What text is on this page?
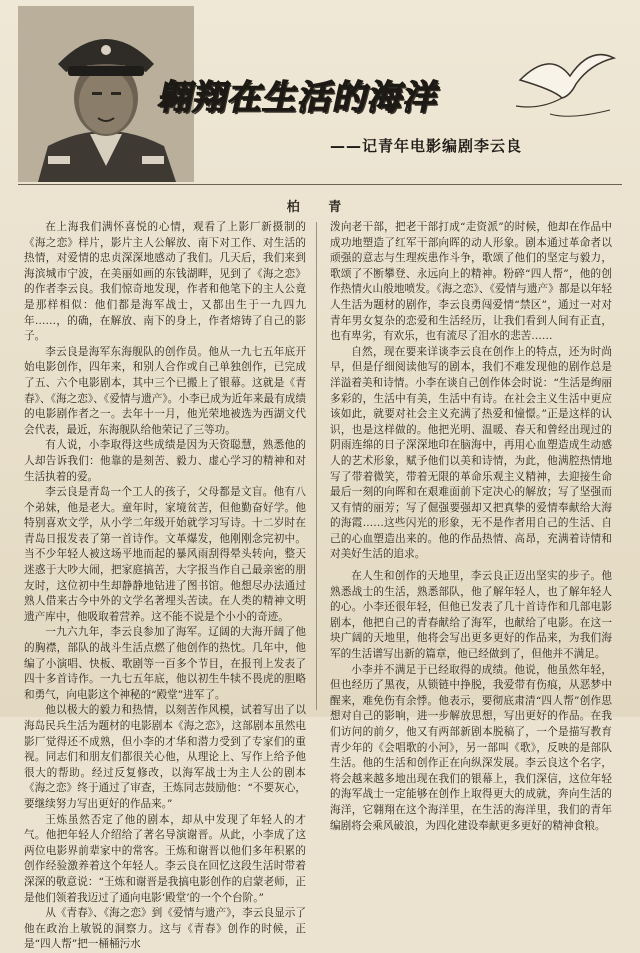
翱翔在生活的海洋
——记青年电影编剧李云良
柏 青

在上海我们满怀喜悦的心情，观看了上影厂新摄制的《海之恋》样片，影片主人公解放、南下对工作、对生活的热情，对爱情的忠贞深深地感动了我们。几天后，我们来到海滨城市宁波，在美丽如画的东钱湖畔，见到了《海之恋》的作者李云良。我们惊奇地发现，作者和他笔下的主人公竟是那样相似：他们都是海军战士，又都出生于一九四九年……，的确，在解放、南下的身上，作者熔铸了自己的影子。

李云良是海军东海舰队的创作员。他从一九七五年底开始电影创作，四年来，和别人合作或自己单独创作，已完成了五、六个电影剧本，其中三个已搬上了银幕。这就是《青春》、《海之恋》、《爱情与遗产》。小李已成为近年来最有成绩的电影剧作者之一。去年十一月，他光荣地被选为西湖文代会代表，最近，东海舰队给他荣记了三等功。

有人说，小李取得这些成绩是因为天资聪慧，熟悉他的人却告诉我们：他靠的是刻苦、毅力、虚心学习的精神和对生活执着的爱。

李云良是青岛一个工人的孩子，父母都是文盲。他有八个弟妹，他是老大。童年时，家境贫苦，但他勤奋好学。他特别喜欢文学，从小学二年级开始就学习写诗。十二岁时在青岛日报发表了第一首诗作。文革爆发，他刚刚念完初中。当不少年轻人被这场平地而起的暴风雨刮得晕头转向，整天迷惑于大吵大闹，把家庭搞苦，大字报当作自己最亲密的朋友时，这位初中生却静静地钻进了图书馆。他想尽办法通过熟人借来古今中外的文学名著埋头苦读。在人类的精神文明遗产库中，他吸取着营养。这不能不说是个小小的奇迹。

一九六九年，李云良参加了海军。辽阔的大海开阔了他的胸襟，部队的战斗生活点燃了他创作的热忱。几年中，他编了小演唱、快板、歌剧等一百多个节目，在报刊上发表了四十多首诗作。一九七五年底，他以初生牛犊不畏虎的胆略和勇气，向电影这个神秘的“殿堂”进军了。

他以极大的毅力和热情，以刻苦作风模，试着写出了以海岛民兵生活为题材的电影剧本《海之恋》，这部剧本虽然电影厂觉得还不成熟，但小李的才华和潜力受到了专家们的重视。同志们和朋友们都很关心他，从理论上、写作上给予他很大的帮助。经过反复修改，以海军战士为主人公的剧本《海之恋》终于通过了审查，王炼同志鼓励他：“不要灰心，要继续努力写出更好的作品来。”

王炼虽然否定了他的剧本，却从中发现了年轻人的才气。他把年轻人介绍给了著名导演谢晋。从此，小李成了这两位电影界前辈家中的常客。王炼和谢晋以他们多年积累的创作经验激养着这个年轻人。李云良在回忆这段生活时带着深深的敬意说：“王炼和谢晋是我搞电影创作的启蒙老师，正是他们领着我迈过了通向电影‘殿堂’的一个个台阶。”

从《青春》、《海之恋》到《爱情与遗产》，李云良显示了他在政治上敏锐的洞察力。这与《青春》创作的时候，正是“四人帮”把一桶桶污水

泼向老干部，把老干部打成“走资派”的时候，他却在作品中成功地塑造了红军干部向晖的动人形象。剧本通过革命者以顽强的意志与生理疾患作斗争，歌颂了他们的坚定与毅力，歌颂了不断攀登、永远向上的精神。粉碎“四人帮”，他的创作热情火山般地喷发。《海之恋》、《爱情与遗产》都是以年轻人生活为题材的剧作，李云良勇闯爱情“禁区”，通过一对对青年男女复杂的恋爱和生活经历，让我们看到人间有正直，也有卑劣，有欢乐，也有流尽了泪水的悲苦……

自然，现在要来详谈李云良在创作上的特点，还为时尚早，但是仔细阅读他写的剧本，我们不难发现他的剧作总是洋溢着美和诗情。小李在谈自己创作体会时说：“生活是绚丽多彩的，生活中有美，生活中有诗。在社会主义生活中更应该如此，就要对社会主义充满了热爱和憧憬。”正是这样的认识，也是这样做的。他把光明、温暖、春天和曾经出现过的阴雨连绵的日子深深地印在脑海中，再用心血塑造成生动感人的艺术形象，赋予他们以美和诗情，为此，他满腔热情地写了带着微笑，带着无限的革命乐观主义精神，去迎接生命最后一刻的向晖和在艰难面前下定决心的解放；写了坚强而又有情的丽芳；写了倔强要强却又把真挚的爱情奉献给大海的海霞……这些闪光的形象，无不是作者用自己的生活、自己的心血塑造出来的。他的作品热情、高昂，充满着诗情和对美好生活的追求。

在人生和创作的天地里，李云良正迈出坚实的步子。他熟悉战士的生活，熟悉部队，他了解年轻人，也了解年轻人的心。小李还很年轻，但他已发表了几十首诗作和几部电影剧本，他把自己的青春献给了海军，也献给了电影。在这一块广阔的天地里，他将会写出更多更好的作品来，为我们海军的生活谱写出新的篇章，他已经做到了，但他并不满足。

小李并不满足于已经取得的成绩。他说，他虽然年轻，但也经历了黑夜，从锁链中挣脱，我爱带有伤痕，从恶梦中醒来，难免伤有余悸。他表示，要彻底肃清“四人帮”创作思想对自己的影响，进一步解放思想，写出更好的作品。在我们访问的前夕，他又有两部新剧本脱稿了，一个是描写教育青少年的《会唱歌的小河》，另一部叫《歌》，反映的是部队生活。他的生活和创作正在向纵深发展。李云良这个名字，将会越来越多地出现在我们的银幕上，我们深信，这位年轻的海军战士一定能够在创作上取得更大的成就，奔向生活的海洋，它翱翔在这个海洋里，在生活的海洋里，我们的青年编剧将会乘风破浪，为四化建设奉献更多更好的精神食粮。
